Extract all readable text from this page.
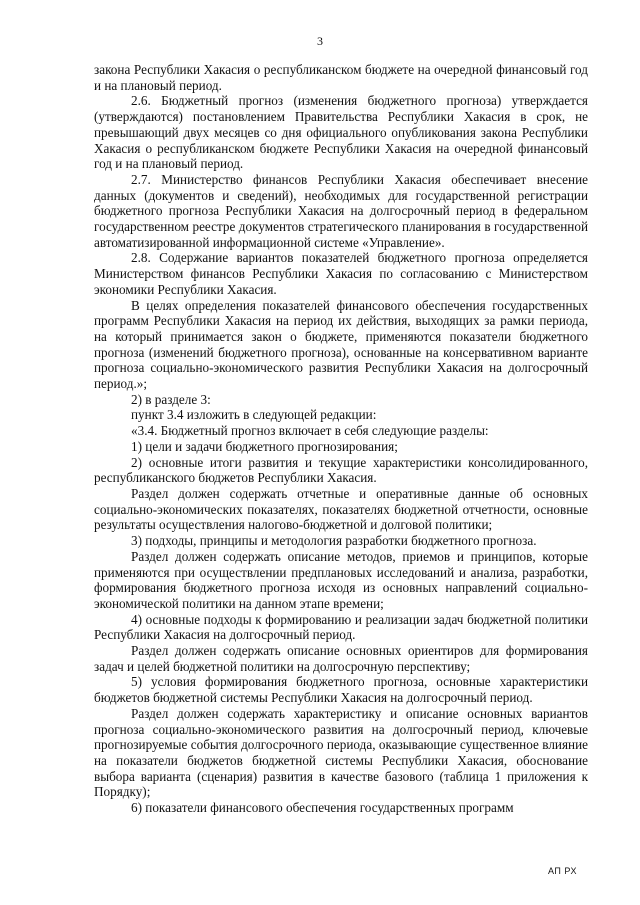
3

закона Республики Хакасия о республиканском бюджете на очередной финансовый год и на плановый период.

2.6. Бюджетный прогноз (изменения бюджетного прогноза) утверждается (утверждаются) постановлением Правительства Республики Хакасия в срок, не превышающий двух месяцев со дня официального опубликования закона Республики Хакасия о республиканском бюджете Республики Хакасия на очередной финансовый год и на плановый период.

2.7. Министерство финансов Республики Хакасия обеспечивает внесение данных (документов и сведений), необходимых для государственной регистрации бюджетного прогноза Республики Хакасия на долгосрочный период в федеральном государственном реестре документов стратегического планирования в государственной автоматизированной информационной системе «Управление».

2.8. Содержание вариантов показателей бюджетного прогноза определяется Министерством финансов Республики Хакасия по согласованию с Министерством экономики Республики Хакасия.

В целях определения показателей финансового обеспечения государственных программ Республики Хакасия на период их действия, выходящих за рамки периода, на который принимается закон о бюджете, применяются показатели бюджетного прогноза (изменений бюджетного прогноза), основанные на консервативном варианте прогноза социально-экономического развития Республики Хакасия на долгосрочный период.»;

2) в разделе 3:

пункт 3.4 изложить в следующей редакции:

«3.4. Бюджетный прогноз включает в себя следующие разделы:

1) цели и задачи бюджетного прогнозирования;

2) основные итоги развития и текущие характеристики консолидированного, республиканского бюджетов Республики Хакасия.

Раздел должен содержать отчетные и оперативные данные об основных социально-экономических показателях, показателях бюджетной отчетности, основные результаты осуществления налогово-бюджетной и долговой политики;

3) подходы, принципы и методология разработки бюджетного прогноза.

Раздел должен содержать описание методов, приемов и принципов, которые применяются при осуществлении предплановых исследований и анализа, разработки, формирования бюджетного прогноза исходя из основных направлений социально-экономической политики на данном этапе времени;

4) основные подходы к формированию и реализации задач бюджетной политики Республики Хакасия на долгосрочный период.

Раздел должен содержать описание основных ориентиров для формирования задач и целей бюджетной политики на долгосрочную перспективу;

5) условия формирования бюджетного прогноза, основные характеристики бюджетов бюджетной системы Республики Хакасия на долгосрочный период.

Раздел должен содержать характеристику и описание основных вариантов прогноза социально-экономического развития на долгосрочный период, ключевые прогнозируемые события долгосрочного периода, оказывающие существенное влияние на показатели бюджетов бюджетной системы Республики Хакасия, обоснование выбора варианта (сценария) развития в качестве базового (таблица 1 приложения к Порядку);

6) показатели финансового обеспечения государственных программ

АП РХ
